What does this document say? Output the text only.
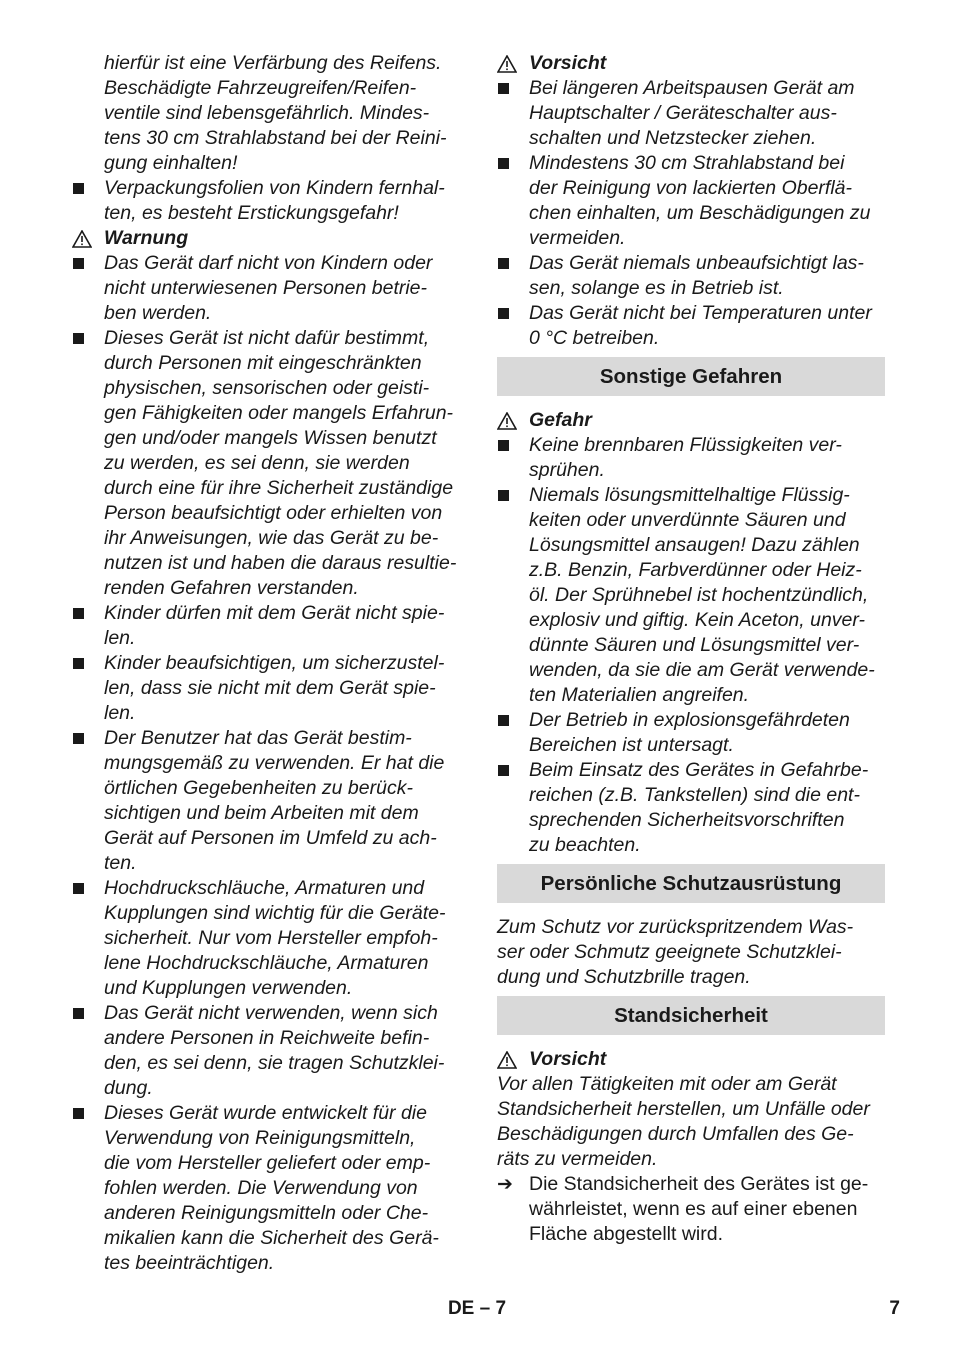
hierfür ist eine Verfärbung des Reifens.
Beschädigte Fahrzeugreifen/Reifen-
ventile sind lebensgefährlich. Mindes-
tens 30 cm Strahlabstand bei der Reini-
gung einhalten!

Verpackungsfolien von Kindern fernhal-
ten, es besteht Erstickungsgefahr!

Warnung

Das Gerät darf nicht von Kindern oder
nicht unterwiesenen Personen betrie-
ben werden.

Dieses Gerät ist nicht dafür bestimmt,
durch Personen mit eingeschränkten
physischen, sensorischen oder geisti-
gen Fähigkeiten oder mangels Erfahrun-
gen und/oder mangels Wissen benutzt
zu werden, es sei denn, sie werden
durch eine für ihre Sicherheit zuständige
Person beaufsichtigt oder erhielten von
ihr Anweisungen, wie das Gerät zu be-
nutzen ist und haben die daraus resultie-
renden Gefahren verstanden.

Kinder dürfen mit dem Gerät nicht spie-
len.

Kinder beaufsichtigen, um sicherzustel-
len, dass sie nicht mit dem Gerät spie-
len.

Der Benutzer hat das Gerät bestim-
mungsgemäß zu verwenden. Er hat die
örtlichen Gegebenheiten zu berück-
sichtigen und beim Arbeiten mit dem
Gerät auf Personen im Umfeld zu ach-
ten.

Hochdruckschläuche, Armaturen und
Kupplungen sind wichtig für die Geräte-
sicherheit. Nur vom Hersteller empfoh-
lene Hochdruckschläuche, Armaturen
und Kupplungen verwenden.

Das Gerät nicht verwenden, wenn sich
andere Personen in Reichweite befin-
den, es sei denn, sie tragen Schutzklei-
dung.

Dieses Gerät wurde entwickelt für die
Verwendung von Reinigungsmitteln,
die vom Hersteller geliefert oder emp-
fohlen werden. Die Verwendung von
anderen Reinigungsmitteln oder Che-
mikalien kann die Sicherheit des Gerä-
tes beeinträchtigen.

Vorsicht

Bei längeren Arbeitspausen Gerät am
Hauptschalter / Geräteschalter aus-
schalten und Netzstecker ziehen.

Mindestens 30 cm Strahlabstand bei
der Reinigung von lackierten Oberflä-
chen einhalten, um Beschädigungen zu
vermeiden.

Das Gerät niemals unbeaufsichtigt las-
sen, solange es in Betrieb ist.

Das Gerät nicht bei Temperaturen unter
0 °C betreiben.

Sonstige Gefahren

Gefahr

Keine brennbaren Flüssigkeiten ver-
sprühen.

Niemals lösungsmittelhaltige Flüssig-
keiten oder unverdünnte Säuren und
Lösungsmittel ansaugen! Dazu zählen
z.B. Benzin, Farbverdünner oder Heiz-
öl. Der Sprühnebel ist hochentzündlich,
explosiv und giftig. Kein Aceton, unver-
dünnte Säuren und Lösungsmittel ver-
wenden, da sie die am Gerät verwende-
ten Materialien angreifen.

Der Betrieb in explosionsgefährdeten
Bereichen ist untersagt.

Beim Einsatz des Gerätes in Gefahrbe-
reichen (z.B. Tankstellen) sind die ent-
sprechenden Sicherheitsvorschriften
zu beachten.

Persönliche Schutzausrüstung

Zum Schutz vor zurückspritzendem Was-
ser oder Schmutz geeignete Schutzklei-
dung und Schutzbrille tragen.

Standsicherheit

Vorsicht

Vor allen Tätigkeiten mit oder am Gerät
Standsicherheit herstellen, um Unfälle oder
Beschädigungen durch Umfallen des Ge-
räts zu vermeiden.

➔ Die Standsicherheit des Gerätes ist ge-
währleistet, wenn es auf einer ebenen
Fläche abgestellt wird.

DE – 7	7
